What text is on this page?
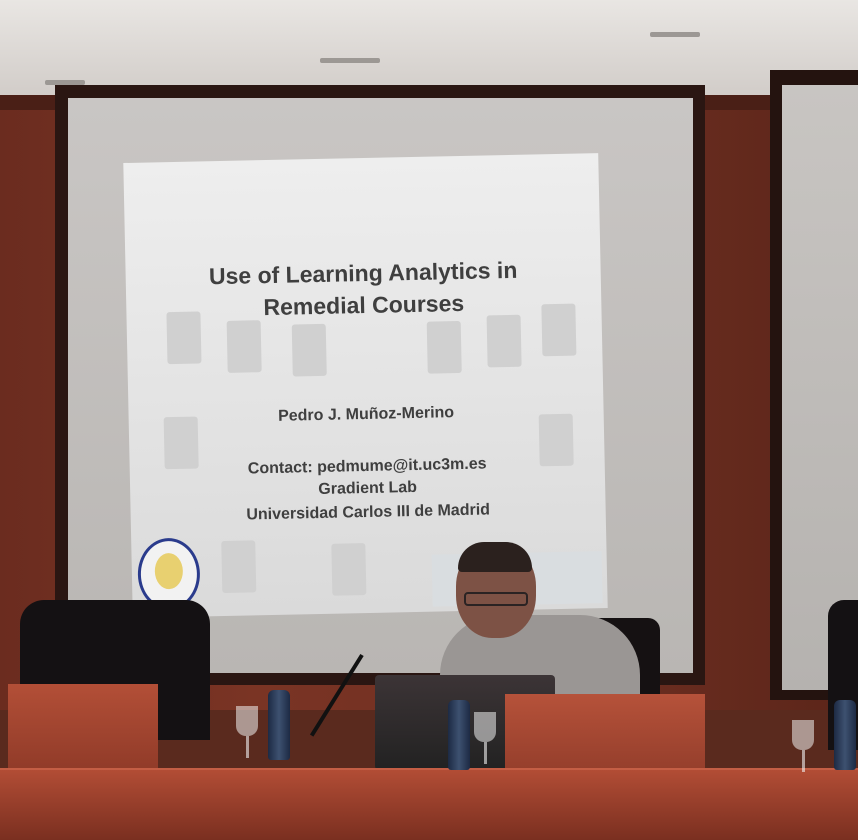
Use of Learning Analytics in
Remedial Courses
Pedro J. Muñoz-Merino
Contact: pedmume@it.uc3m.es
Gradient Lab
Universidad Carlos III de Madrid
